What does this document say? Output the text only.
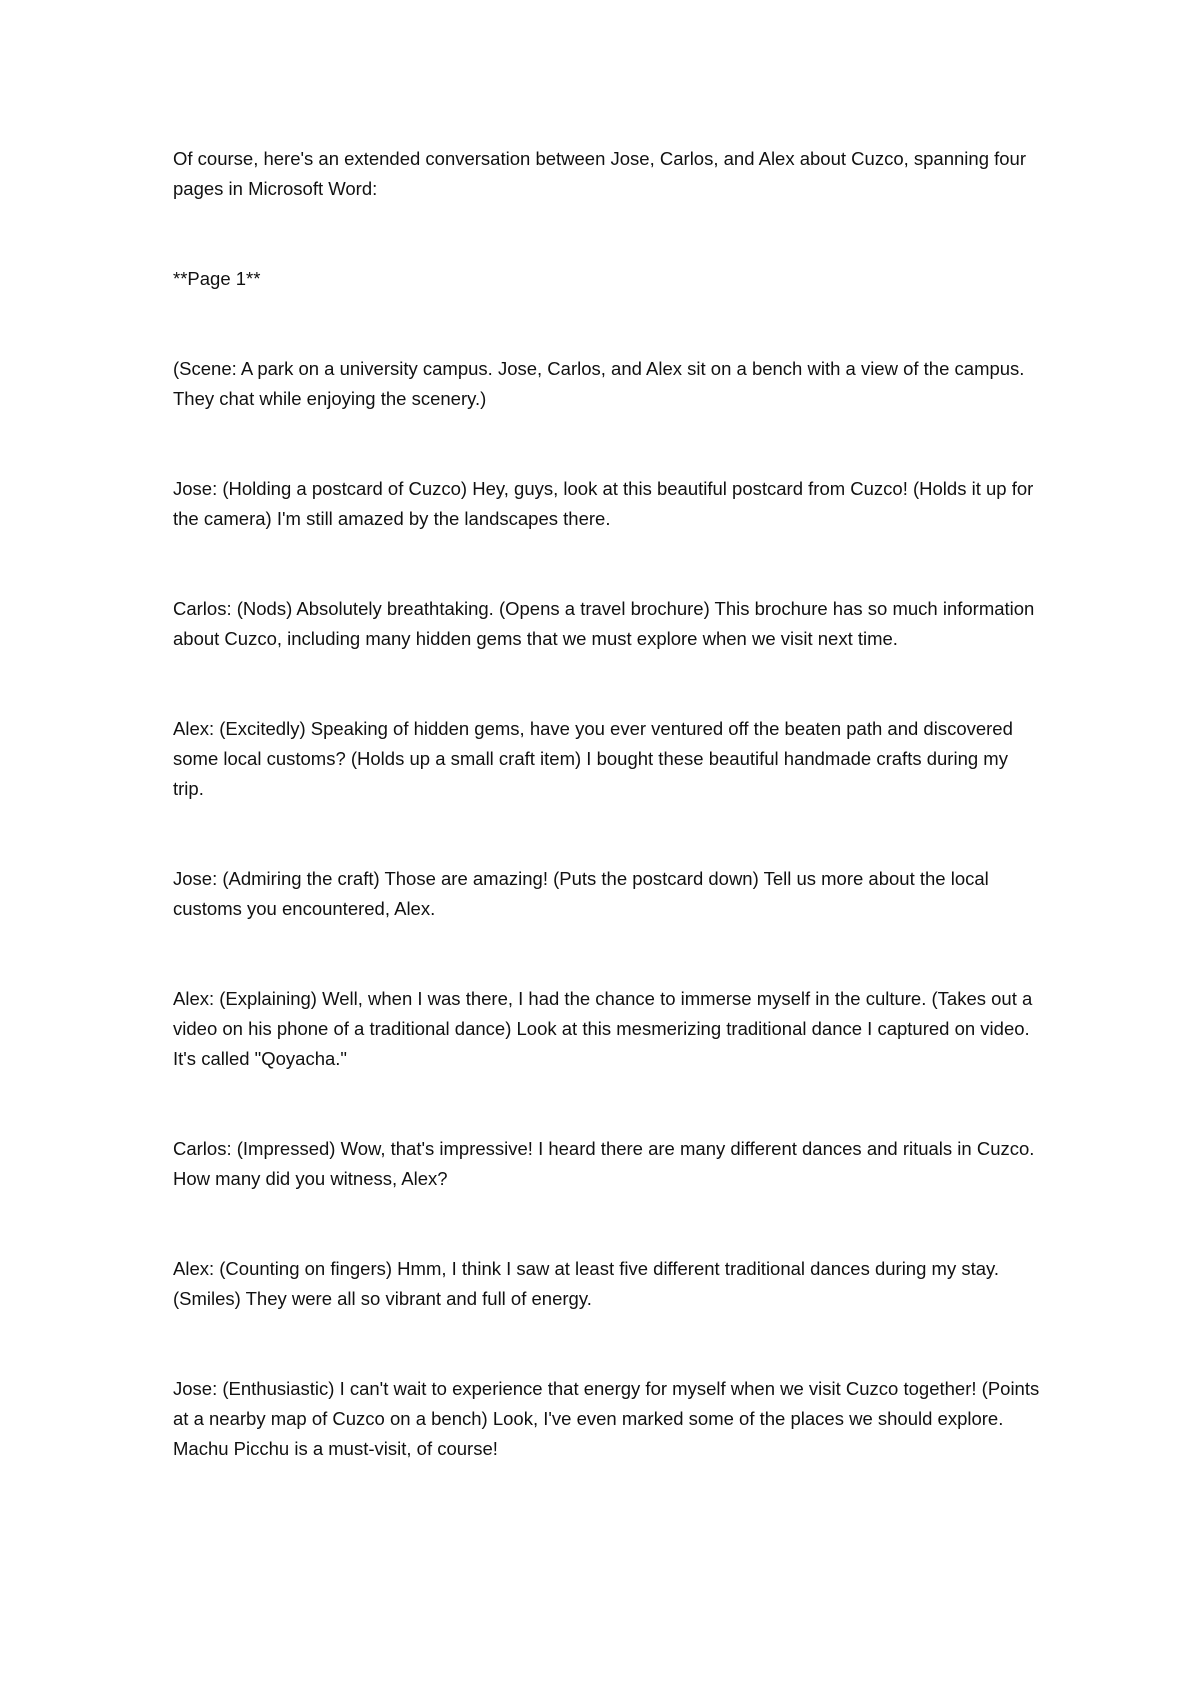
Of course, here's an extended conversation between Jose, Carlos, and Alex about Cuzco, spanning four pages in Microsoft Word:

**Page 1**

(Scene: A park on a university campus. Jose, Carlos, and Alex sit on a bench with a view of the campus. They chat while enjoying the scenery.)

Jose: (Holding a postcard of Cuzco) Hey, guys, look at this beautiful postcard from Cuzco! (Holds it up for the camera) I'm still amazed by the landscapes there.

Carlos: (Nods) Absolutely breathtaking. (Opens a travel brochure) This brochure has so much information about Cuzco, including many hidden gems that we must explore when we visit next time.

Alex: (Excitedly) Speaking of hidden gems, have you ever ventured off the beaten path and discovered some local customs? (Holds up a small craft item) I bought these beautiful handmade crafts during my trip.

Jose: (Admiring the craft) Those are amazing! (Puts the postcard down) Tell us more about the local customs you encountered, Alex.

Alex: (Explaining) Well, when I was there, I had the chance to immerse myself in the culture. (Takes out a video on his phone of a traditional dance) Look at this mesmerizing traditional dance I captured on video. It's called "Qoyacha."

Carlos: (Impressed) Wow, that's impressive! I heard there are many different dances and rituals in Cuzco. How many did you witness, Alex?

Alex: (Counting on fingers) Hmm, I think I saw at least five different traditional dances during my stay. (Smiles) They were all so vibrant and full of energy.

Jose: (Enthusiastic) I can't wait to experience that energy for myself when we visit Cuzco together! (Points at a nearby map of Cuzco on a bench) Look, I've even marked some of the places we should explore. Machu Picchu is a must-visit, of course!
